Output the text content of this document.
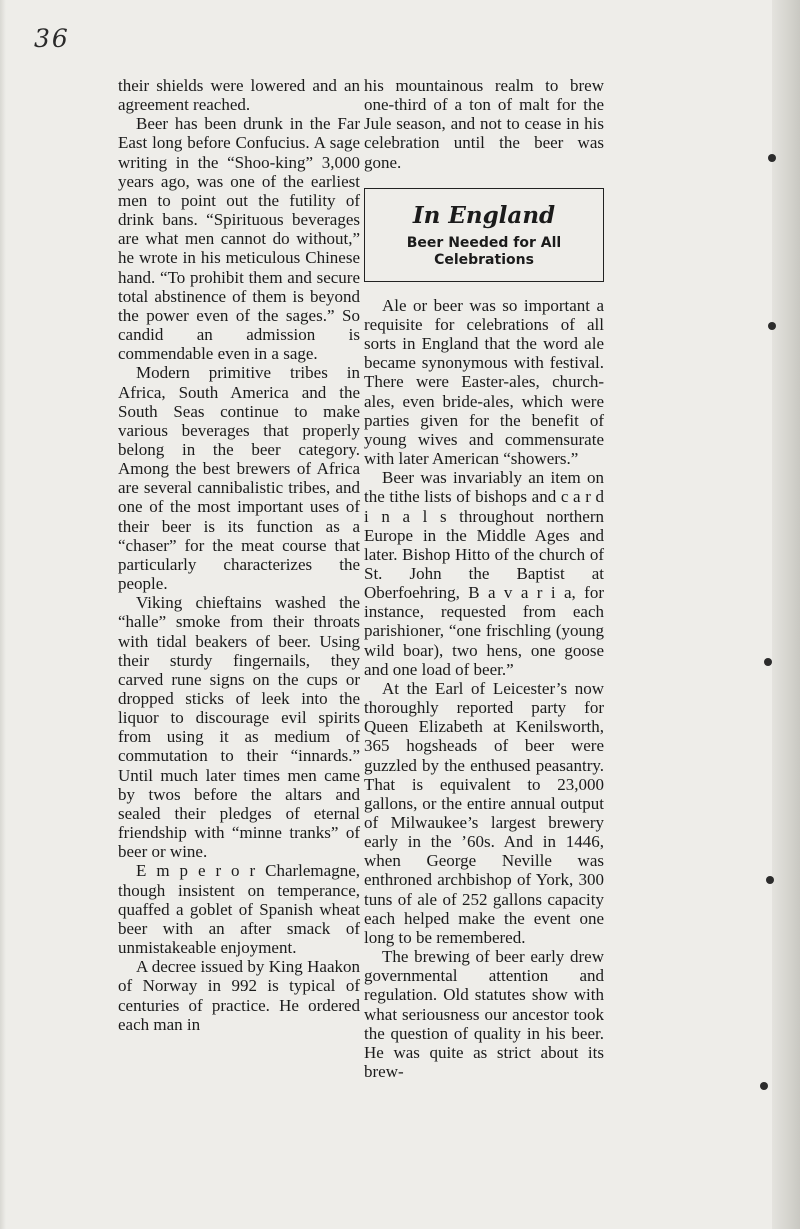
36

their shields were lowered and an agreement reached.

Beer has been drunk in the Far East long before Confucius. A sage writing in the “Shoo-king” 3,000 years ago, was one of the earliest men to point out the futility of drink bans. “Spirituous beverages are what men cannot do without,” he wrote in his meticulous Chinese hand. “To prohibit them and secure total abstinence of them is beyond the power even of the sages.” So candid an admission is commendable even in a sage.

Modern primitive tribes in Africa, South America and the South Seas continue to make various beverages that properly belong in the beer category. Among the best brewers of Africa are several cannibalistic tribes, and one of the most important uses of their beer is its function as a “chaser” for the meat course that particularly characterizes the people.

Viking chieftains washed the “halle” smoke from their throats with tidal beakers of beer. Using their sturdy fingernails, they carved rune signs on the cups or dropped sticks of leek into the liquor to discourage evil spirits from using it as medium of commutation to their “innards.” Until much later times men came by twos before the altars and sealed their pledges of eternal friendship with “minne tranks” of beer or wine.

E m p e r o r Charlemagne, though insistent on temperance, quaffed a goblet of Spanish wheat beer with an after smack of unmistakeable enjoyment.

A decree issued by King Haakon of Norway in 992 is typical of centuries of practice. He ordered each man in

his mountainous realm to brew one-third of a ton of malt for the Jule season, and not to cease in his celebration until the beer was gone.

In England
Beer Needed for All
Celebrations

Ale or beer was so important a requisite for celebrations of all sorts in England that the word ale became synonymous with festival. There were Easter-ales, church-ales, even bride-ales, which were parties given for the benefit of young wives and commensurate with later American “showers.”

Beer was invariably an item on the tithe lists of bishops and c a r d i n a l s throughout northern Europe in the Middle Ages and later. Bishop Hitto of the church of St. John the Baptist at Oberfoehring, B a v a r i a, for instance, requested from each parishioner, “one frischling (young wild boar), two hens, one goose and one load of beer.”

At the Earl of Leicester’s now thoroughly reported party for Queen Elizabeth at Kenilsworth, 365 hogsheads of beer were guzzled by the enthused peasantry. That is equivalent to 23,000 gallons, or the entire annual output of Milwaukee’s largest brewery early in the ’60s. And in 1446, when George Neville was enthroned archbishop of York, 300 tuns of ale of 252 gallons capacity each helped make the event one long to be remembered.

The brewing of beer early drew governmental attention and regulation. Old statutes show with what seriousness our ancestor took the question of quality in his beer. He was quite as strict about its brew-
